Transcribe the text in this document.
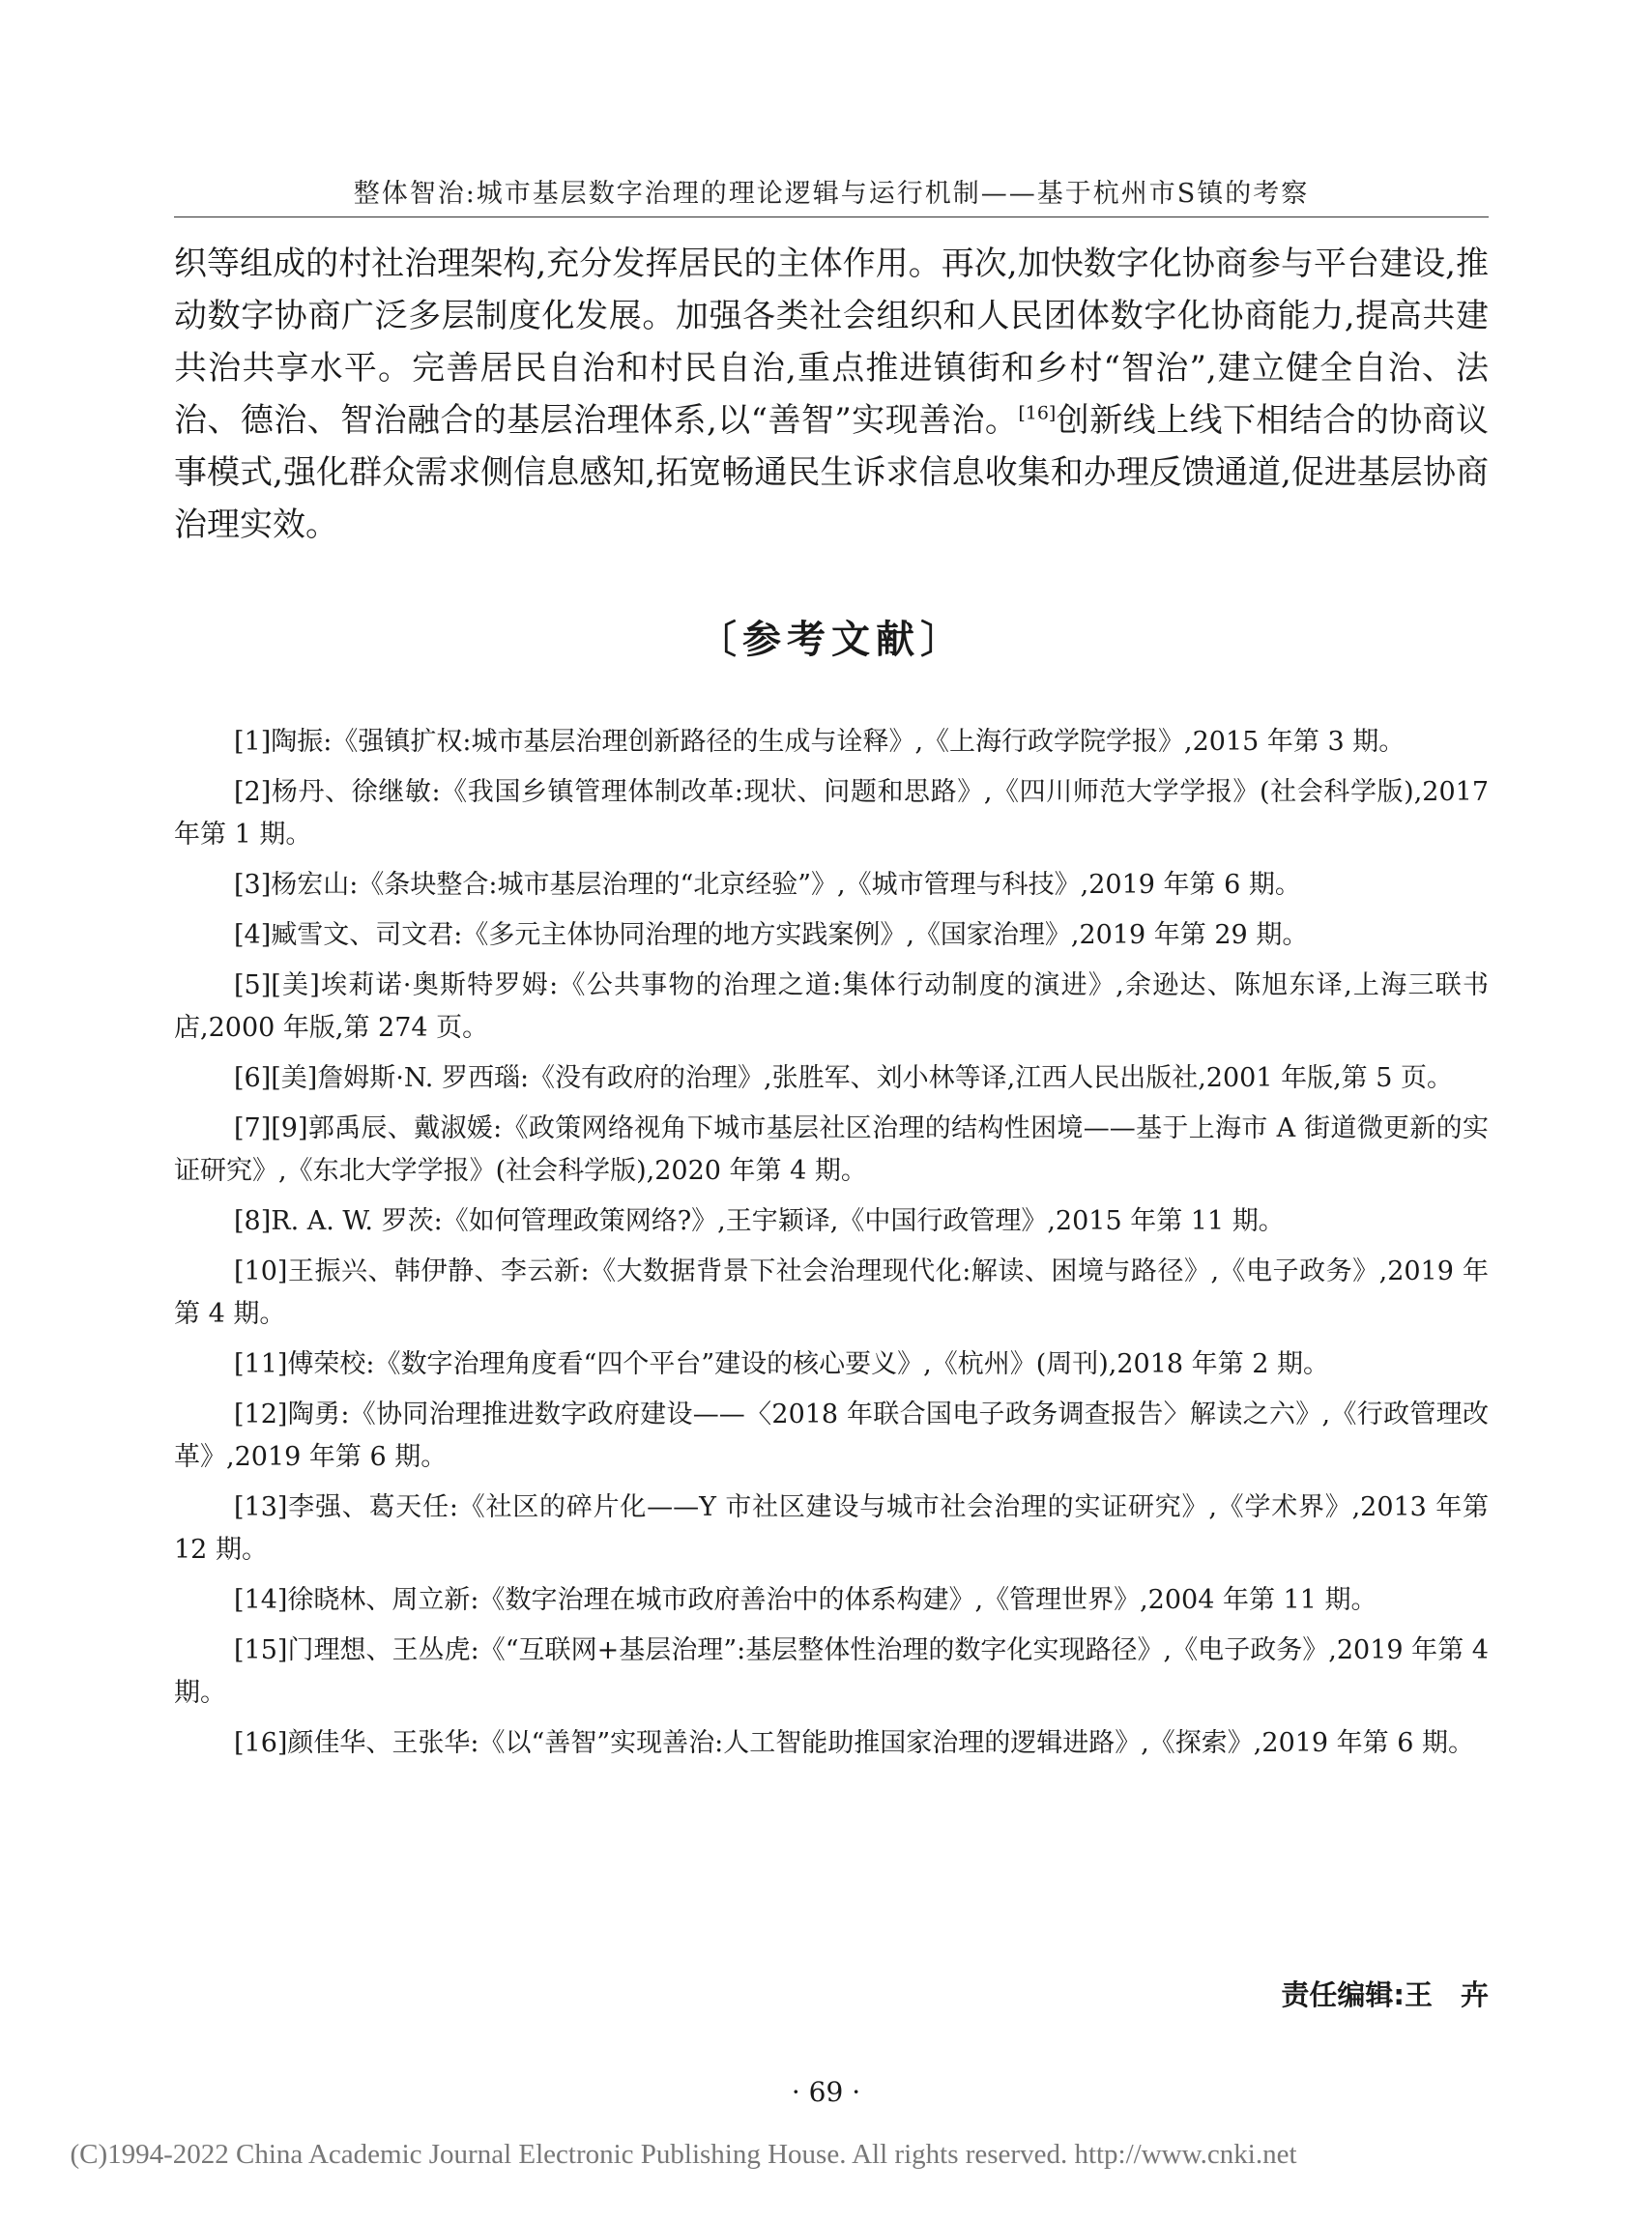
整体智治:城市基层数字治理的理论逻辑与运行机制——基于杭州市S镇的考察

织等组成的村社治理架构,充分发挥居民的主体作用。再次,加快数字化协商参与平台建设,推动数字协商广泛多层制度化发展。加强各类社会组织和人民团体数字化协商能力,提高共建共治共享水平。完善居民自治和村民自治,重点推进镇街和乡村“智治”,建立健全自治、法治、德治、智治融合的基层治理体系,以“善智”实现善治。[16]创新线上线下相结合的协商议事模式,强化群众需求侧信息感知,拓宽畅通民生诉求信息收集和办理反馈通道,促进基层协商治理实效。

〔参考文献〕
[1]陶振:《强镇扩权:城市基层治理创新路径的生成与诠释》,《上海行政学院学报》,2015 年第 3 期。
[2]杨丹、徐继敏:《我国乡镇管理体制改革:现状、问题和思路》,《四川师范大学学报》(社会科学版),2017 年第 1 期。
[3]杨宏山:《条块整合:城市基层治理的“北京经验”》,《城市管理与科技》,2019 年第 6 期。
[4]臧雪文、司文君:《多元主体协同治理的地方实践案例》,《国家治理》,2019 年第 29 期。
[5][美]埃莉诺·奥斯特罗姆:《公共事物的治理之道:集体行动制度的演进》,余逊达、陈旭东译,上海三联书店,2000 年版,第 274 页。
[6][美]詹姆斯·N. 罗西瑙:《没有政府的治理》,张胜军、刘小林等译,江西人民出版社,2001 年版,第 5 页。
[7][9]郭禹辰、戴淑媛:《政策网络视角下城市基层社区治理的结构性困境——基于上海市 A 街道微更新的实证研究》,《东北大学学报》(社会科学版),2020 年第 4 期。
[8]R. A. W. 罗茨:《如何管理政策网络?》,王宇颖译,《中国行政管理》,2015 年第 11 期。
[10]王振兴、韩伊静、李云新:《大数据背景下社会治理现代化:解读、困境与路径》,《电子政务》,2019 年第 4 期。
[11]傅荣校:《数字治理角度看“四个平台”建设的核心要义》,《杭州》(周刊),2018 年第 2 期。
[12]陶勇:《协同治理推进数字政府建设——〈2018 年联合国电子政务调查报告〉解读之六》,《行政管理改革》,2019 年第 6 期。
[13]李强、葛天任:《社区的碎片化——Y 市社区建设与城市社会治理的实证研究》,《学术界》,2013 年第 12 期。
[14]徐晓林、周立新:《数字治理在城市政府善治中的体系构建》,《管理世界》,2004 年第 11 期。
[15]门理想、王丛虎:《“互联网+基层治理”:基层整体性治理的数字化实现路径》,《电子政务》,2019 年第 4 期。
[16]颜佳华、王张华:《以“善智”实现善治:人工智能助推国家治理的逻辑进路》,《探索》,2019 年第 6 期。
责任编辑:王　卉
· 69 ·
(C)1994-2022 China Academic Journal Electronic Publishing House. All rights reserved. http://www.cnki.net
